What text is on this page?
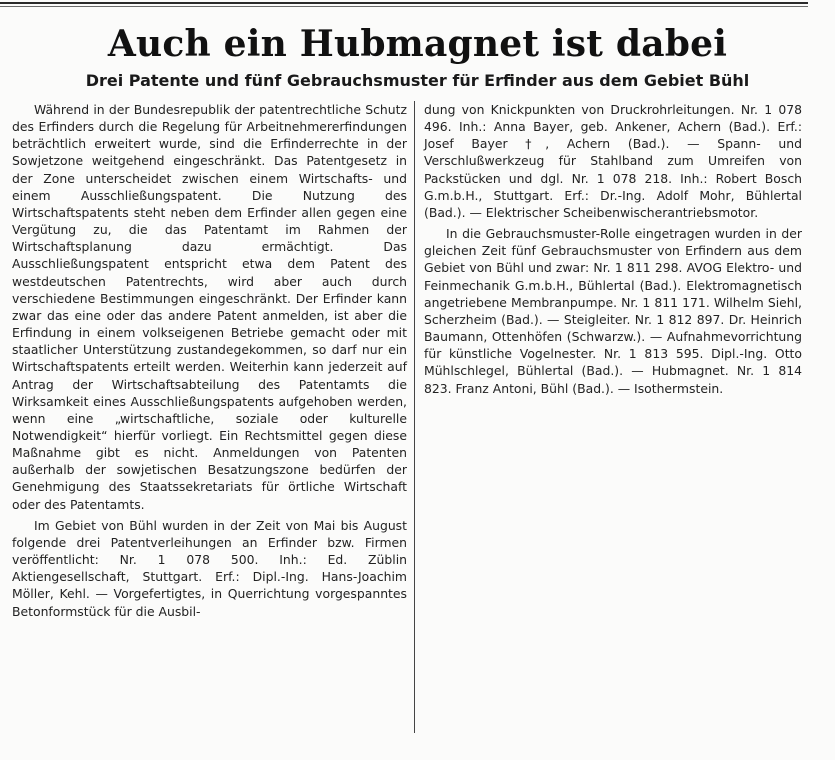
Auch ein Hubmagnet ist dabei
Drei Patente und fünf Gebrauchsmuster für Erfinder aus dem Gebiet Bühl

Während in der Bundesrepublik der patentrechtliche Schutz des Erfinders durch die Regelung für Arbeitnehmererfindungen beträchtlich erweitert wurde, sind die Erfinderrechte in der Sowjetzone weitgehend eingeschränkt. Das Patentgesetz in der Zone unterscheidet zwischen einem Wirtschafts- und einem Ausschließungspatent. Die Nutzung des Wirtschaftspatents steht neben dem Erfinder allen gegen eine Vergütung zu, die das Patentamt im Rahmen der Wirtschaftsplanung dazu ermächtigt. Das Ausschließungspatent entspricht etwa dem Patent des westdeutschen Patentrechts, wird aber auch durch verschiedene Bestimmungen eingeschränkt. Der Erfinder kann zwar das eine oder das andere Patent anmelden, ist aber die Erfindung in einem volkseigenen Betriebe gemacht oder mit staatlicher Unterstützung zustandegekommen, so darf nur ein Wirtschaftspatents erteilt werden. Weiterhin kann jederzeit auf Antrag der Wirtschaftsabteilung des Patentamts die Wirksamkeit eines Ausschließungspatents aufgehoben werden, wenn eine „wirtschaftliche, soziale oder kulturelle Notwendigkeit“ hierfür vorliegt. Ein Rechtsmittel gegen diese Maßnahme gibt es nicht. Anmeldungen von Patenten außerhalb der sowjetischen Besatzungszone bedürfen der Genehmigung des Staatssekretariats für örtliche Wirtschaft oder des Patentamts.

Im Gebiet von Bühl wurden in der Zeit von Mai bis August folgende drei Patentverleihungen an Erfinder bzw. Firmen veröffentlicht: Nr. 1 078 500. Inh.: Ed. Züblin Aktiengesellschaft, Stuttgart. Erf.: Dipl.-Ing. Hans-Joachim Möller, Kehl. — Vorgefertigtes, in Querrichtung vorgespanntes Betonformstück für die Ausbil-

dung von Knickpunkten von Druckrohrleitungen. Nr. 1 078 496. Inh.: Anna Bayer, geb. Ankener, Achern (Bad.). Erf.: Josef Bayer †, Achern (Bad.). — Spann- und Verschlußwerkzeug für Stahlband zum Umreifen von Packstücken und dgl. Nr. 1 078 218. Inh.: Robert Bosch G.m.b.H., Stuttgart. Erf.: Dr.-Ing. Adolf Mohr, Bühlertal (Bad.). — Elektrischer Scheibenwischerantriebsmotor.

In die Gebrauchsmuster-Rolle eingetragen wurden in der gleichen Zeit fünf Gebrauchsmuster von Erfindern aus dem Gebiet von Bühl und zwar: Nr. 1 811 298. AVOG Elektro- und Feinmechanik G.m.b.H., Bühlertal (Bad.). Elektromagnetisch angetriebene Membranpumpe. Nr. 1 811 171. Wilhelm Siehl, Scherzheim (Bad.). — Steigleiter. Nr. 1 812 897. Dr. Heinrich Baumann, Ottenhöfen (Schwarzw.). — Aufnahmevorrichtung für künstliche Vogelnester. Nr. 1 813 595. Dipl.-Ing. Otto Mühlschlegel, Bühlertal (Bad.). — Hubmagnet. Nr. 1 814 823. Franz Antoni, Bühl (Bad.). — Isothermstein.
